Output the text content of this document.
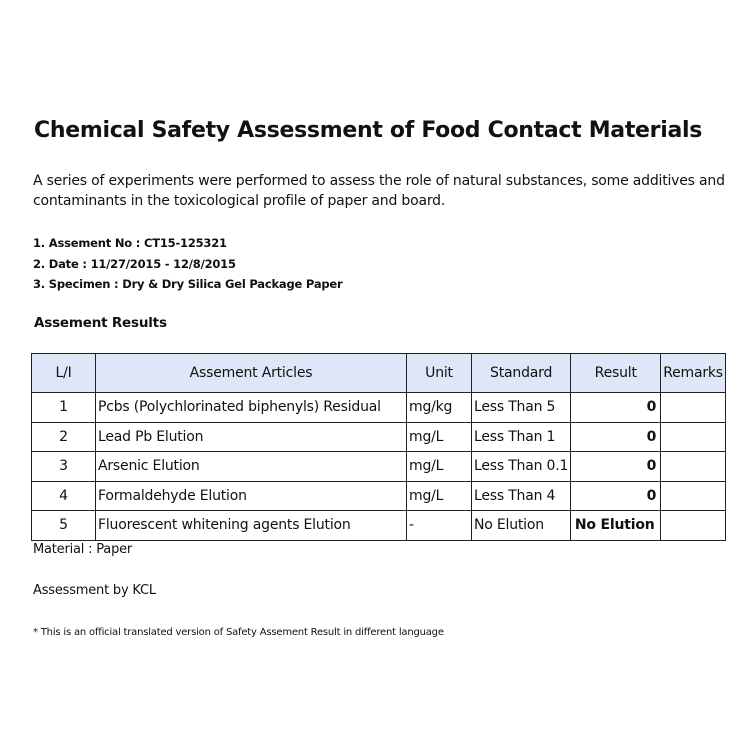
Chemical Safety Assessment of Food Contact Materials
A series of experiments were performed to assess the role of natural substances, some additives and contaminants in the toxicological profile of paper and board.
1. Assement No : CT15-125321
2. Date : 11/27/2015 - 12/8/2015
3. Specimen : Dry & Dry Silica Gel Package Paper
Assement Results
L/I	Assement Articles	Unit	Standard	Result	Remarks
1	Pcbs (Polychlorinated biphenyls) Residual	mg/kg	Less Than 5	0	
2	Lead Pb Elution	mg/L	Less Than 1	0	
3	Arsenic Elution	mg/L	Less Than 0.1	0	
4	Formaldehyde Elution	mg/L	Less Than 4	0	
5	Fluorescent whitening agents Elution	-	No Elution	No Elution	
Material : Paper
Assessment by KCL
* This is an official translated version of Safety Assement Result in different language
